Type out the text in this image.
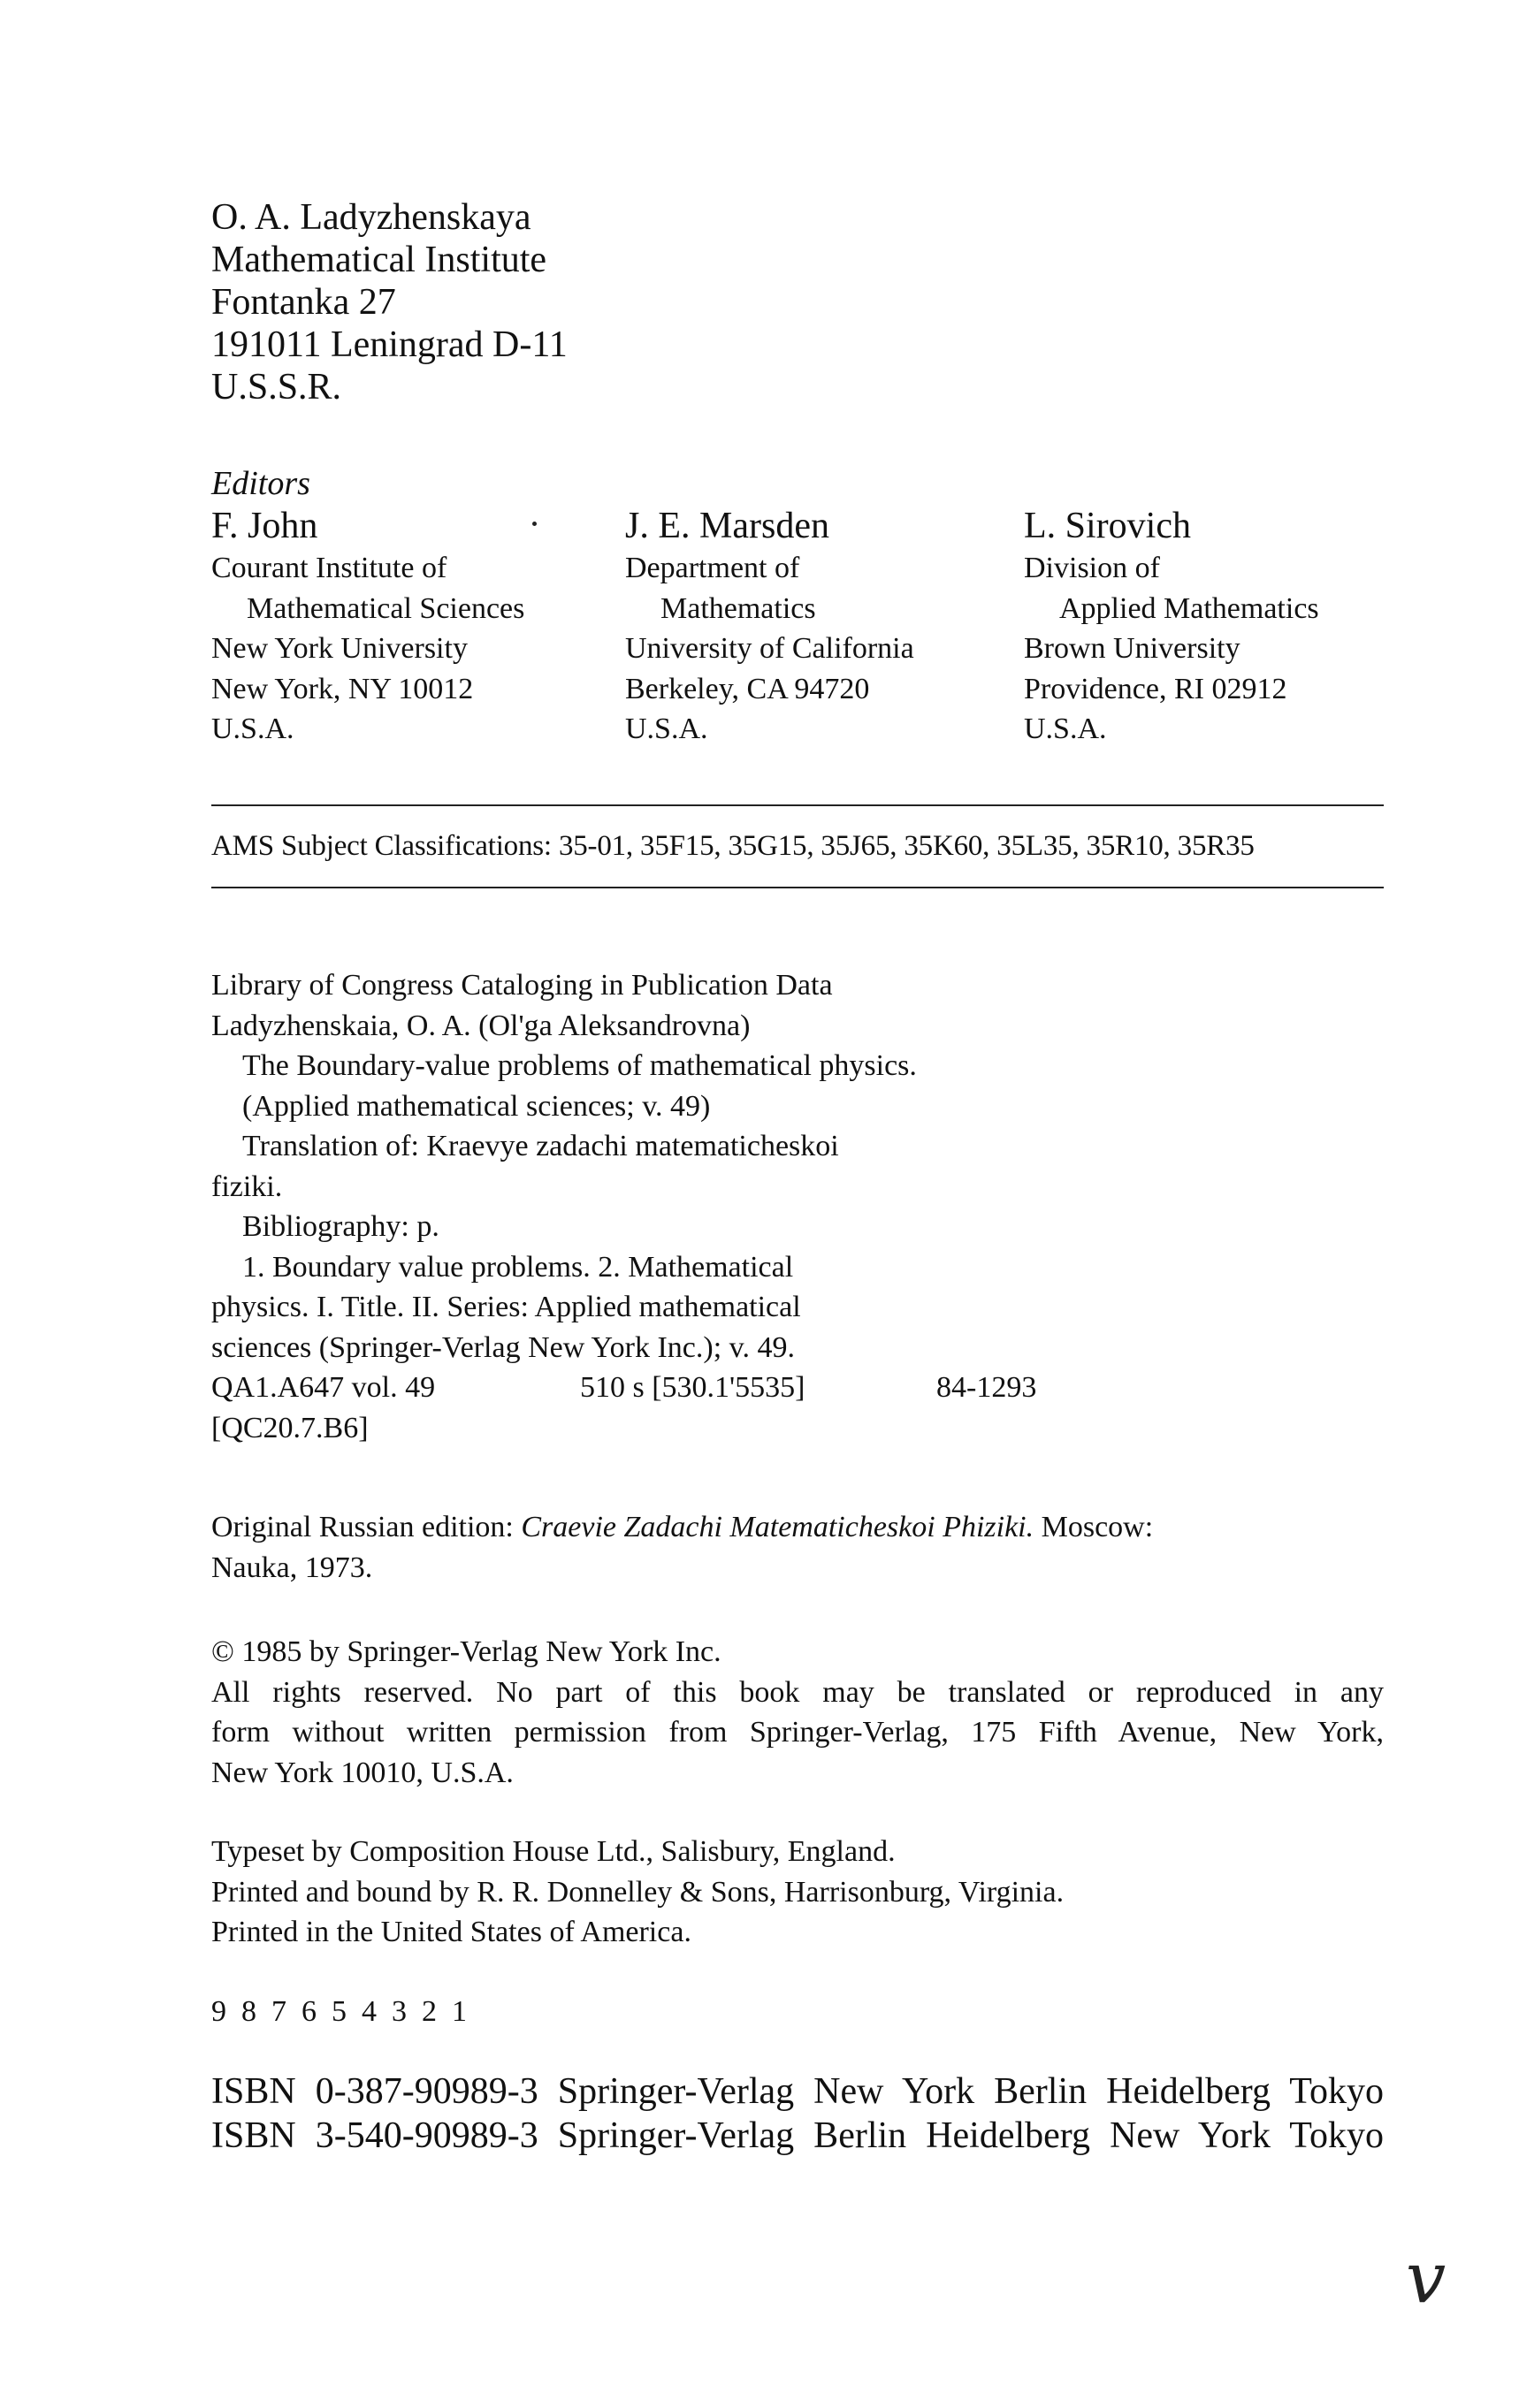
O. A. Ladyzhenskaya
Mathematical Institute
Fontanka 27
191011 Leningrad D-11
U.S.S.R.
Editors
F. John
Courant Institute of
Mathematical Sciences
New York University
New York, NY 10012
U.S.A.
J. E. Marsden
Department of
Mathematics
University of California
Berkeley, CA 94720
U.S.A.
L. Sirovich
Division of
Applied Mathematics
Brown University
Providence, RI 02912
U.S.A.
AMS Subject Classifications: 35-01, 35F15, 35G15, 35J65, 35K60, 35L35, 35R10, 35R35
Library of Congress Cataloging in Publication Data
Ladyzhenskaia, O. A. (Ol'ga Aleksandrovna)
The Boundary-value problems of mathematical physics.
(Applied mathematical sciences; v. 49)
Translation of: Kraevye zadachi matematicheskoi
fiziki.
Bibliography: p.
1. Boundary value problems. 2. Mathematical
physics. I. Title. II. Series: Applied mathematical
sciences (Springer-Verlag New York Inc.); v. 49.
QA1.A647 vol. 49	510 s [530.1'5535]	84-1293
[QC20.7.B6]
Original Russian edition: Craevie Zadachi Matematicheskoi Phiziki. Moscow:
Nauka, 1973.
© 1985 by Springer-Verlag New York Inc.
All rights reserved. No part of this book may be translated or reproduced in any
form without written permission from Springer-Verlag, 175 Fifth Avenue, New York,
New York 10010, U.S.A.
Typeset by Composition House Ltd., Salisbury, England.
Printed and bound by R. R. Donnelley & Sons, Harrisonburg, Virginia.
Printed in the United States of America.
987654321
ISBN 0-387-90989-3 Springer-Verlag New York Berlin Heidelberg Tokyo
ISBN 3-540-90989-3 Springer-Verlag Berlin Heidelberg New York Tokyo
v
